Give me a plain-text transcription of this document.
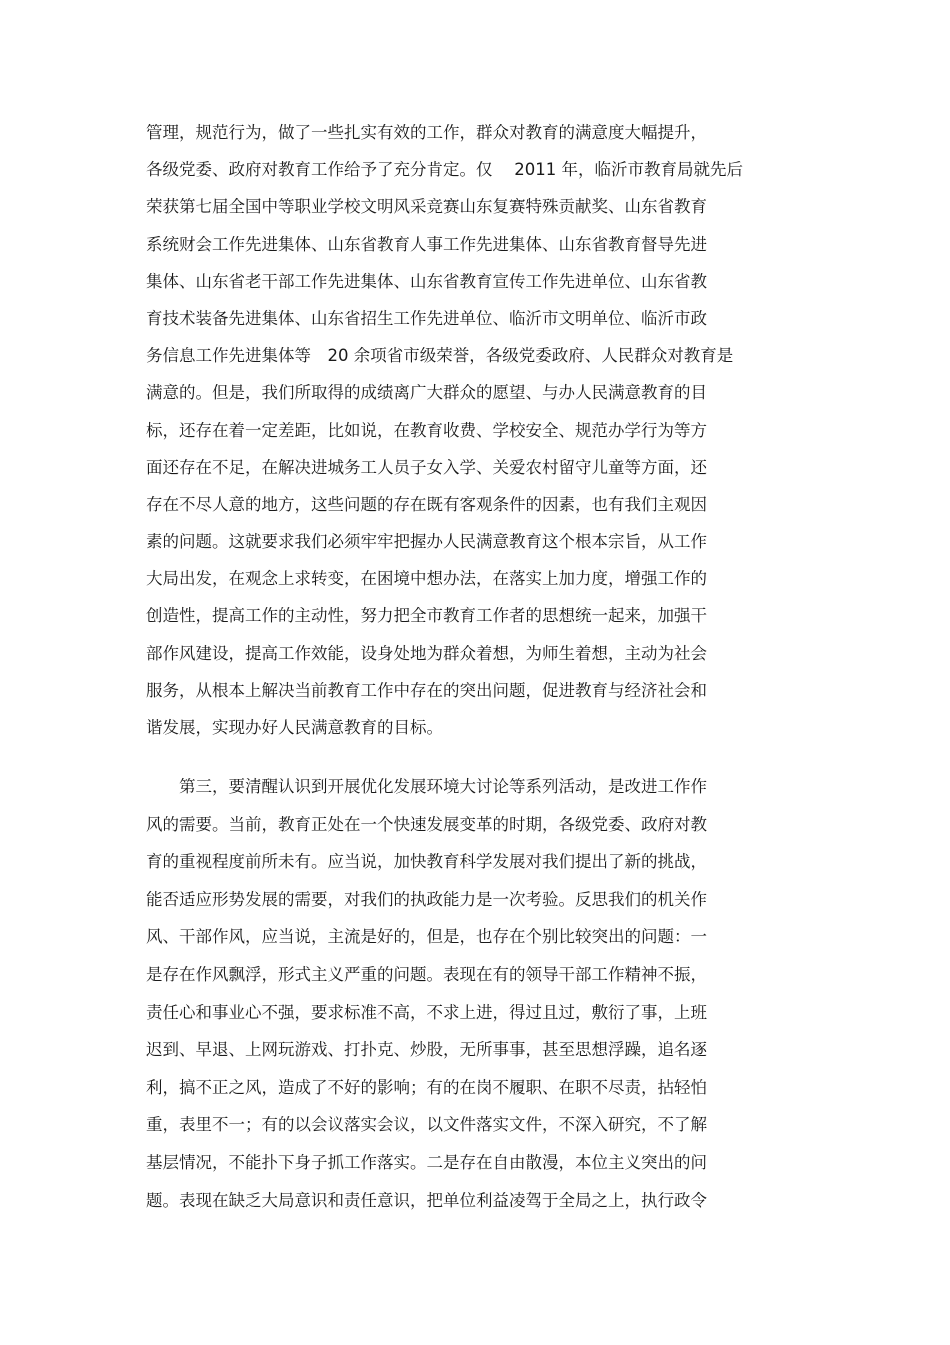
管理，规范行为，做了一些扎实有效的工作，群众对教育的满意度大幅提升，
各级党委、政府对教育工作给予了充分肯定。仅　 2011 年，临沂市教育局就先后
荣获第七届全国中等职业学校文明风采竞赛山东复赛特殊贡献奖、山东省教育
系统财会工作先进集体、山东省教育人事工作先进集体、山东省教育督导先进
集体、山东省老干部工作先进集体、山东省教育宣传工作先进单位、山东省教
育技术装备先进集体、山东省招生工作先进单位、临沂市文明单位、临沂市政
务信息工作先进集体等　20 余项省市级荣誉，各级党委政府、人民群众对教育是
满意的。但是，我们所取得的成绩离广大群众的愿望、与办人民满意教育的目
标，还存在着一定差距，比如说，在教育收费、学校安全、规范办学行为等方
面还存在不足，在解决进城务工人员子女入学、关爱农村留守儿童等方面，还
存在不尽人意的地方，这些问题的存在既有客观条件的因素，也有我们主观因
素的问题。这就要求我们必须牢牢把握办人民满意教育这个根本宗旨，从工作
大局出发，在观念上求转变，在困境中想办法，在落实上加力度，增强工作的
创造性，提高工作的主动性，努力把全市教育工作者的思想统一起来，加强干
部作风建设，提高工作效能，设身处地为群众着想，为师生着想，主动为社会
服务，从根本上解决当前教育工作中存在的突出问题，促进教育与经济社会和
谐发展，实现办好人民满意教育的目标。
第三，要清醒认识到开展优化发展环境大讨论等系列活动，是改进工作作
风的需要。当前，教育正处在一个快速发展变革的时期，各级党委、政府对教
育的重视程度前所未有。应当说，加快教育科学发展对我们提出了新的挑战，
能否适应形势发展的需要，对我们的执政能力是一次考验。反思我们的机关作
风、干部作风，应当说，主流是好的，但是，也存在个别比较突出的问题：一
是存在作风飘浮，形式主义严重的问题。表现在有的领导干部工作精神不振，
责任心和事业心不强，要求标准不高，不求上进，得过且过，敷衍了事，上班
迟到、早退、上网玩游戏、打扑克、炒股，无所事事，甚至思想浮躁，追名逐
利，搞不正之风，造成了不好的影响；有的在岗不履职、在职不尽责，拈轻怕
重，表里不一；有的以会议落实会议，以文件落实文件，不深入研究，不了解
基层情况，不能扑下身子抓工作落实。二是存在自由散漫，本位主义突出的问
题。表现在缺乏大局意识和责任意识，把单位利益凌驾于全局之上，执行政令
